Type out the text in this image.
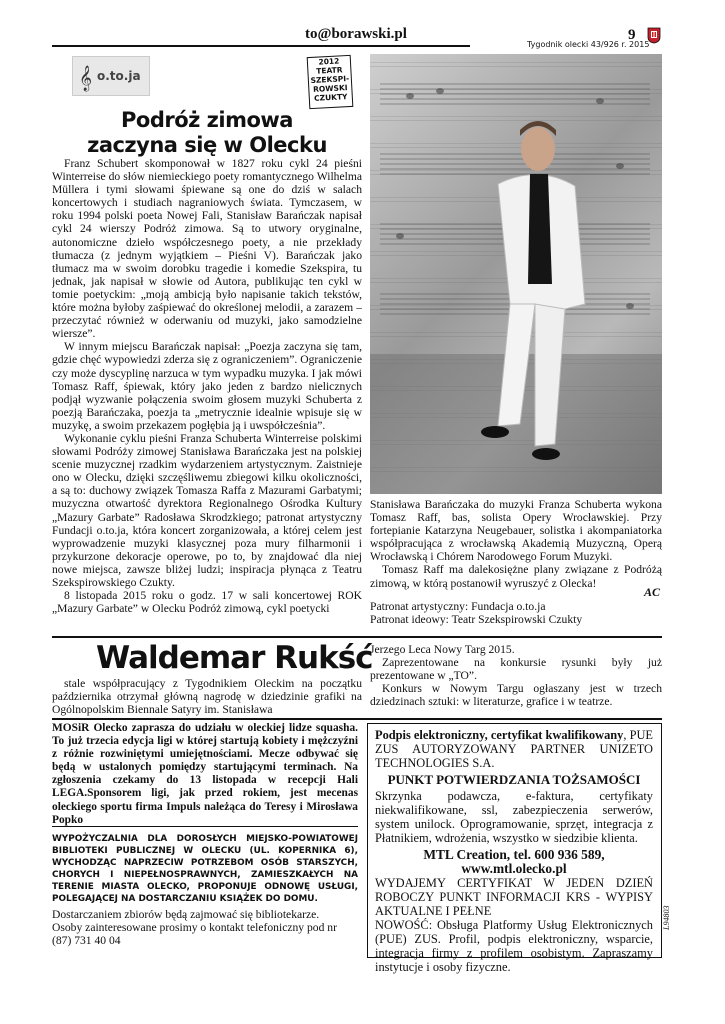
to@borawski.pl
Tygodnik olecki 43/926 r. 2015
9
𝄞 o.to.ja
2012
TEATR
SZEKSPI-
ROWSKI
CZUKTY
Podróż zimowa
zaczyna się w Olecku

Franz Schubert skomponował w 1827 roku cykl 24 pieśni Winterreise do słów niemieckiego poety romantycznego Wilhelma Müllera i tymi słowami śpiewane są one do dziś w salach koncertowych i studiach nagraniowych świata. Tymczasem, w roku 1994 polski poeta Nowej Fali, Stanisław Barańczak napisał cykl 24 wierszy Podróż zimowa. Są to utwory oryginalne, autonomiczne dzieło współczesnego poety, a nie przekłady tłumacza (z jednym wyjątkiem – Pieśni V). Barańczak jako tłumacz ma w swoim dorobku tragedie i komedie Szekspira, tu jednak, jak napisał w słowie od Autora, publikując ten cykl w tomie poetyckim: „moją ambicją było napisanie takich tekstów, które można byłoby zaśpiewać do określonej melodii, a zarazem – przeczytać również w oderwaniu od muzyki, jako samodzielne wiersze”.

W innym miejscu Barańczak napisał: „Poezja zaczyna się tam, gdzie chęć wypowiedzi zderza się z ograniczeniem”. Ograniczenie czy może dyscyplinę narzuca w tym wypadku muzyka. I jak mówi Tomasz Raff, śpiewak, który jako jeden z bardzo nielicznych podjął wyzwanie połączenia swoim głosem muzyki Schuberta z poezją Barańczaka, poezja ta „metrycznie idealnie wpisuje się w muzykę, a swoim przekazem pogłębia ją i uwspółcześnia”.

Wykonanie cyklu pieśni Franza Schuberta Winterreise polskimi słowami Podróży zimowej Stanisława Barańczaka jest na polskiej scenie muzycznej rzadkim wydarzeniem artystycznym. Zaistnieje ono w Olecku, dzięki szczęśliwemu zbiegowi kilku okoliczności, a są to: duchowy związek Tomasza Raffa z Mazurami Garbatymi; muzyczna otwartość dyrektora Regionalnego Ośrodka Kultury „Mazury Garbate” Radosława Skrodzkiego; patronat artystyczny Fundacji o.to.ja, która koncert zorganizowała, a której celem jest wyprowadzenie muzyki klasycznej poza mury filharmonii i przykurzone dekoracje operowe, po to, by znajdować dla niej nowe miejsca, zawsze bliżej ludzi; inspiracja płynąca z Teatru Szekspirowskiego Czukty.

8 listopada 2015 roku o godz. 17 w sali koncertowej ROK „Mazury Garbate” w Olecku Podróż zimową, cykl poetycki

Stanisława Barańczaka do muzyki Franza Schuberta wykona Tomasz Raff, bas, solista Opery Wrocławskiej. Przy fortepianie Katarzyna Neugebauer, solistka i akompaniatorka współpracująca z wrocławską Akademią Muzyczną, Operą Wrocławską i Chórem Narodowego Forum Muzyki.

Tomasz Raff ma dalekosiężne plany związane z Podróżą zimową, w którą postanowił wyruszyć z Olecka!

AC
Patronat artystyczny: Fundacja o.to.ja
Patronat ideowy: Teatr Szekspirowski Czukty
Waldemar Rukść
stale współpracujący z Tygodnikiem Oleckim na początku października otrzymał główną nagrodę w dziedzinie grafiki na Ogólnopolskim Biennale Satyry im. Stanisława

Jerzego Leca Nowy Targ 2015.

Zaprezentowane na konkursie rysunki były już prezentowane w „TO”.

Konkurs w Nowym Targu ogłaszany jest w trzech dziedzinach sztuki: w literaturze, grafice i w teatrze.

MOSiR Olecko zaprasza do udziału w oleckiej lidze squasha. To już trzecia edycja ligi w której startują kobiety i mężczyźni z różnie rozwiniętymi umiejętnościami. Mecze odbywać się będą w ustalonych pomiędzy startującymi terminach. Na zgłoszenia czekamy do 13 listopada w recepcji Hali LEGA.Sponsorem ligi, jak przed rokiem, jest mecenas oleckiego sportu firma Impuls należąca do Teresy i Mirosława Popko
WYPOŻYCZALNIA DLA DOROSŁYCH MIEJSKO-POWIATOWEJ BIBLIOTEKI PUBLICZNEJ W OLECKU (UL. KOPERNIKA 6), WYCHODZĄC NAPRZECIW POTRZEBOM OSÓB STARSZYCH, CHORYCH I NIEPEŁNOSPRAWNYCH, ZAMIESZKAŁYCH NA TERENIE MIASTA OLECKO, PROPONUJE ODNOWĘ USŁUGI, POLEGAJĄCEJ NA DOSTARCZANIU KSIĄŻEK DO DOMU.
Dostarczaniem zbiorów będą zajmować się bibliotekarze.
Osoby zainteresowane prosimy o kontakt telefoniczny pod nr (87) 731 40 04
Podpis elektroniczny, certyfikat kwalifikowany, PUE ZUS AUTORYZOWANY PARTNER UNIZETO TECHNOLOGIES S.A.
PUNKT POTWIERDZANIA TOŻSAMOŚCI
Skrzynka podawcza, e-faktura, certyfikaty niekwalifikowane, ssl, zabezpieczenia serwerów, system unilock. Oprogramowanie, sprzęt, integracja z Płatnikiem, wdrożenia, wszystko w siedzibie klienta.
MTL Creation, tel. 600 936 589, www.mtl.olecko.pl
WYDAJEMY CERTYFIKAT W JEDEN DZIEŃ ROBOCZY PUNKT INFORMACJI KRS - WYPISY AKTUALNE I PEŁNE
NOWOŚĆ: Obsługa Platformy Usług Elektronicznych (PUE) ZUS. Profil, podpis elektroniczny, wsparcie, integracja firmy z profilem osobistym. Zapraszamy instytucje i osoby fizyczne.
L94803
